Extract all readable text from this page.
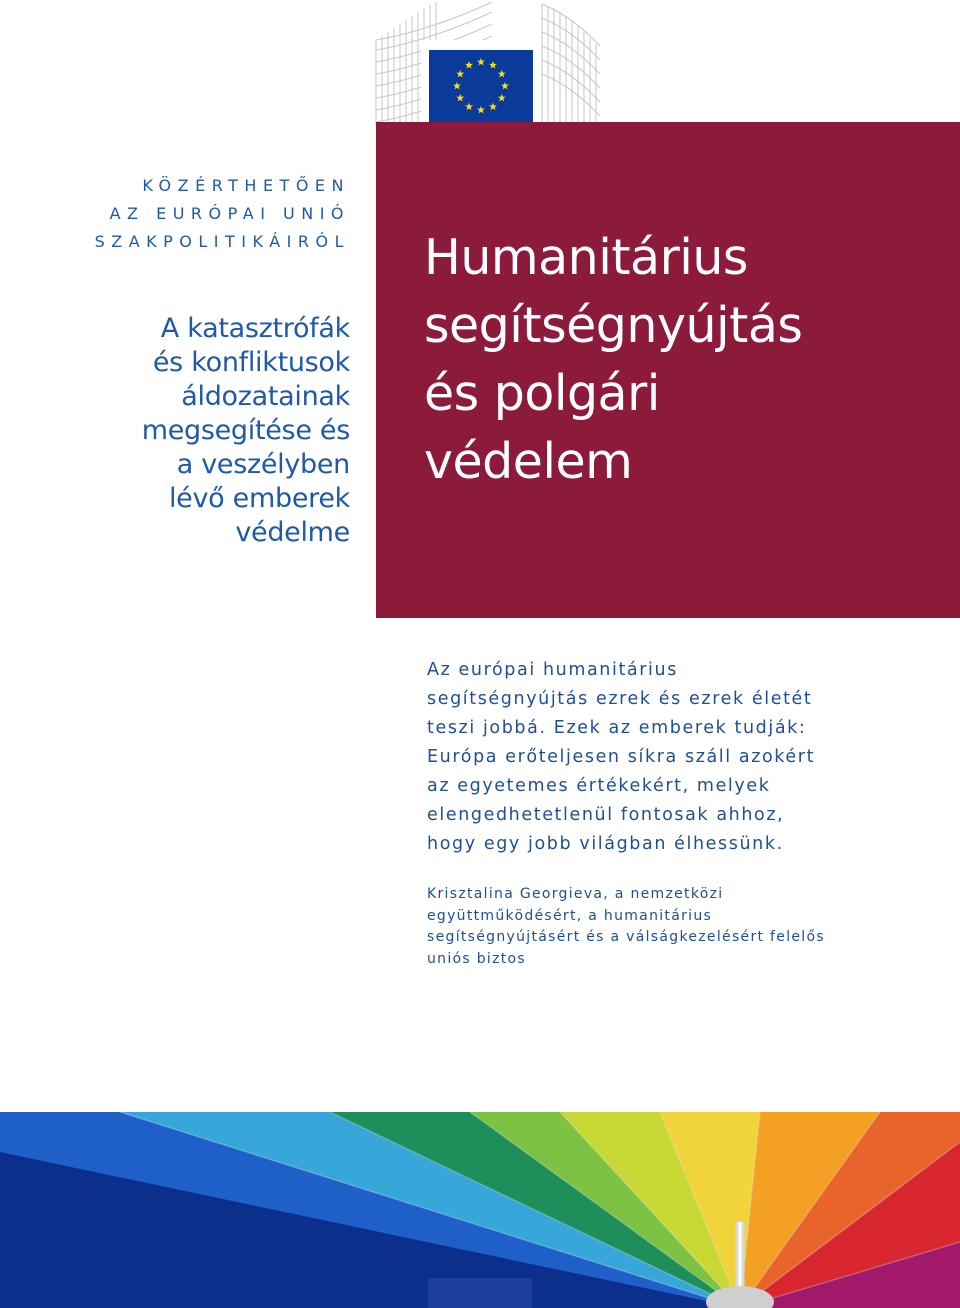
KÖZÉRTHETŐEN
AZ EURÓPAI UNIÓ
SZAKPOLITIKÁIRÓL
A katasztrófák
és konfliktusok
áldozatainak
megsegítése és
a veszélyben
lévő emberek
védelme
Humanitárius
segítségnyújtás
és polgári
védelem
Az európai humanitárius
segítségnyújtás ezrek és ezrek életét
teszi jobbá. Ezek az emberek tudják:
Európa erőteljesen síkra száll azokért
az egyetemes értékekért, melyek
elengedhetetlenül fontosak ahhoz,
hogy egy jobb világban élhessünk.
Krisztalina Georgieva, a nemzetközi
együttműködésért, a humanitárius
segítségnyújtásért és a válságkezelésért felelős
uniós biztos
